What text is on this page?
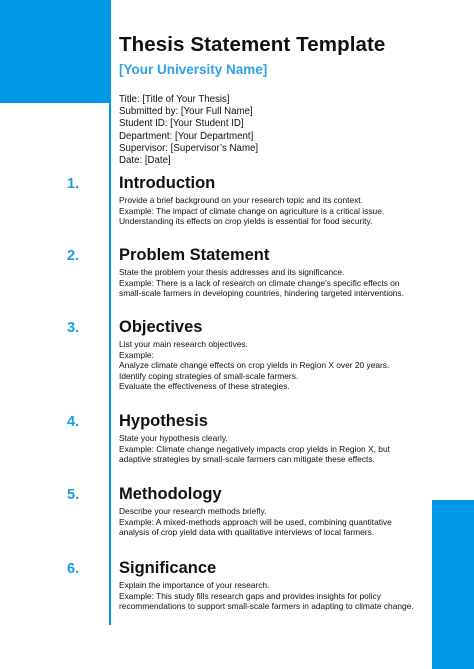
Thesis Statement Template
[Your University Name]
Title: [Title of Your Thesis]
Submitted by: [Your Full Name]
Student ID: [Your Student ID]
Department: [Your Department]
Supervisor: [Supervisor’s Name]
Date: [Date]
1. Introduction
Provide a brief background on your research topic and its context.
Example: The impact of climate change on agriculture is a critical issue. Understanding its effects on crop yields is essential for food security.
2. Problem Statement
State the problem your thesis addresses and its significance.
Example: There is a lack of research on climate change's specific effects on small-scale farmers in developing countries, hindering targeted interventions.
3. Objectives
List your main research objectives.
Example:
Analyze climate change effects on crop yields in Region X over 20 years.
Identify coping strategies of small-scale farmers.
Evaluate the effectiveness of these strategies.
4. Hypothesis
State your hypothesis clearly.
Example: Climate change negatively impacts crop yields in Region X, but adaptive strategies by small-scale farmers can mitigate these effects.
5. Methodology
Describe your research methods briefly.
Example: A mixed-methods approach will be used, combining quantitative analysis of crop yield data with qualitative interviews of local farmers.
6. Significance
Explain the importance of your research.
Example: This study fills research gaps and provides insights for policy recommendations to support small-scale farmers in adapting to climate change.
